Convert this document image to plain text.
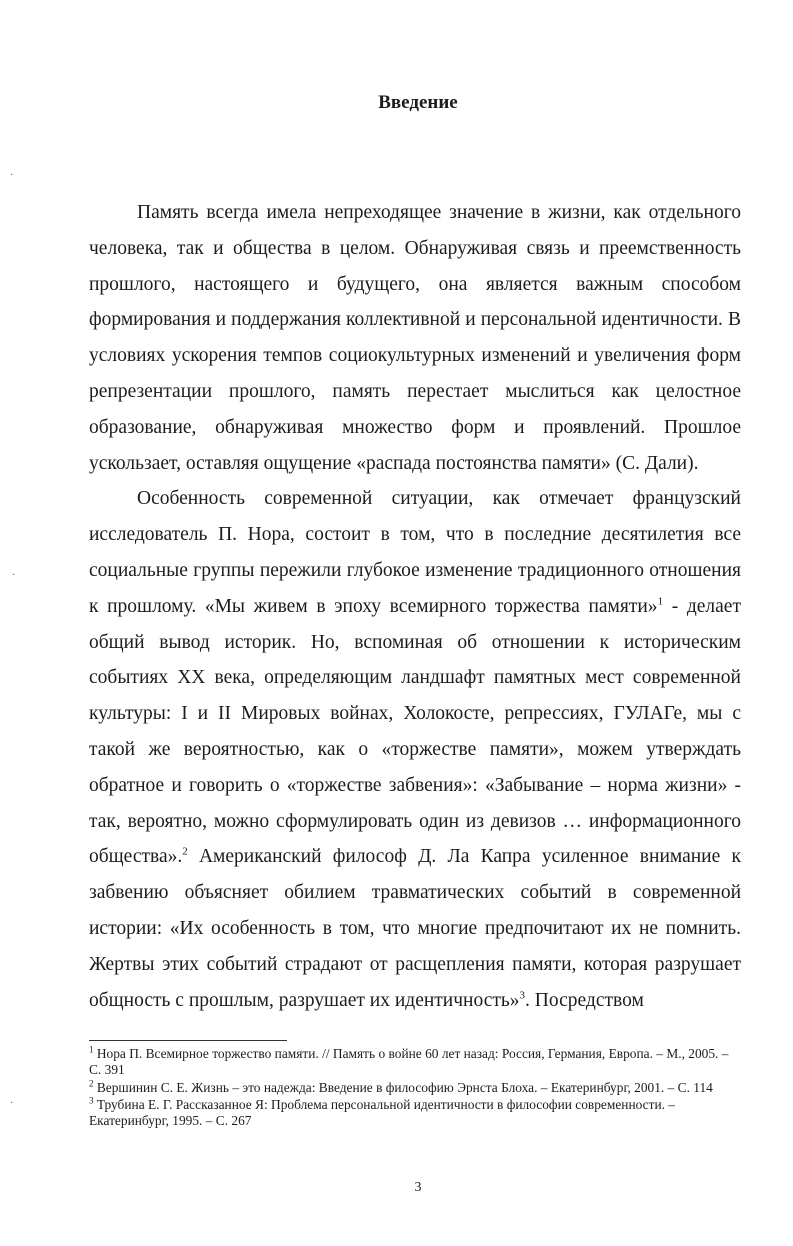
Введение

Память всегда имела непреходящее значение в жизни, как отдельного человека, так и общества в целом. Обнаруживая связь и преемственность прошлого, настоящего и будущего, она является важным способом формирования и поддержания коллективной и персональной идентичности. В условиях ускорения темпов социокультурных изменений и увеличения форм репрезентации прошлого, память перестает мыслиться как целостное образование, обнаруживая множество форм и проявлений. Прошлое ускользает, оставляя ощущение «распада постоянства памяти» (С. Дали).

Особенность современной ситуации, как отмечает французский исследователь П. Нора, состоит в том, что в последние десятилетия все социальные группы пережили глубокое изменение традиционного отношения к прошлому. «Мы живем в эпоху всемирного торжества памяти»$^1$ - делает общий вывод историк. Но, вспоминая об отношении к историческим событиях XX века, определяющим ландшафт памятных мест современной культуры: I и II Мировых войнах, Холокосте, репрессиях, ГУЛАГе, мы с такой же вероятностью, как о «торжестве памяти», можем утверждать обратное и говорить о «торжестве забвения»: «Забывание – норма жизни» - так, вероятно, можно сформулировать один из девизов … информационного общества».$^2$ Американский философ Д. Ла Капра усиленное внимание к забвению объясняет обилием травматических событий в современной истории: «Их особенность в том, что многие предпочитают их не помнить. Жертвы этих событий страдают от расщепления памяти, которая разрушает общность с прошлым, разрушает их идентичность»$^3$. Посредством

$^1$ Нора П. Всемирное торжество памяти. // Память о войне 60 лет назад: Россия, Германия, Европа. – М., 2005. – С. 391
$^2$ Вершинин С. Е. Жизнь – это надежда: Введение в философию Эрнста Блоха. – Екатеринбург, 2001. – С. 114
$^3$ Трубина Е. Г. Рассказанное Я: Проблема персональной идентичности в философии современности. – Екатеринбург, 1995. – С. 267
3
·
·
·
